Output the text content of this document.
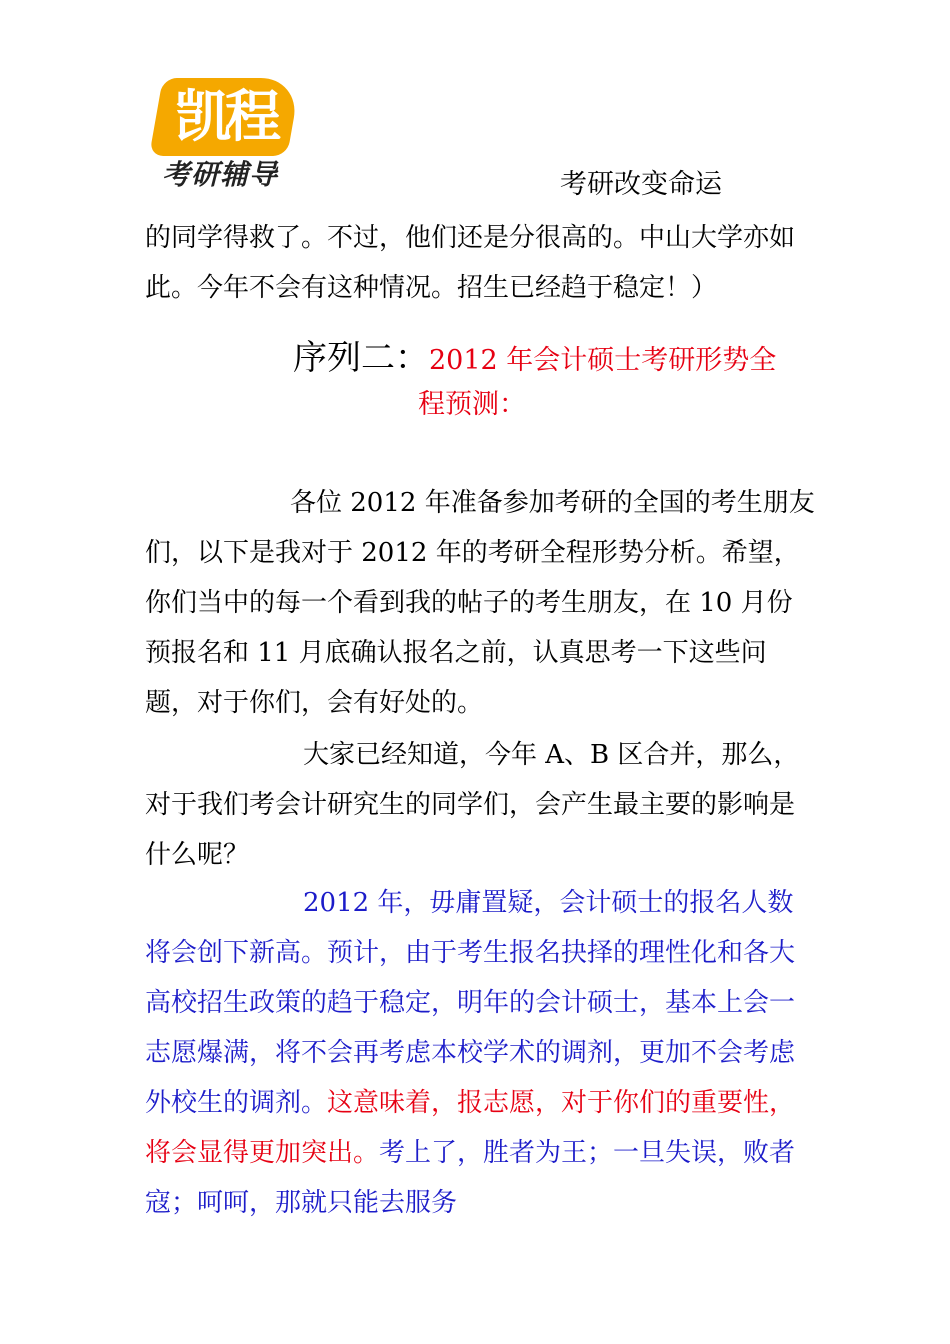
凯程
考研辅导	考研改变命运
的同学得救了。不过，他们还是分很高的。中山大学亦如此。今年不会有这种情况。招生已经趋于稳定！）
序列二：2012 年会计硕士考研形势全
程预测：
各位 2012 年准备参加考研的全国的考生朋友们，以下是我对于 2012 年的考研全程形势分析。希望，你们当中的每一个看到我的帖子的考生朋友，在 10 月份预报名和 11 月底确认报名之前，认真思考一下这些问题，对于你们，会有好处的。
大家已经知道，今年 A、B 区合并，那么，对于我们考会计研究生的同学们，会产生最主要的影响是什么呢？
2012 年，毋庸置疑，会计硕士的报名人数将会创下新高。预计，由于考生报名抉择的理性化和各大高校招生政策的趋于稳定，明年的会计硕士，基本上会一志愿爆满，将不会再考虑本校学术的调剂，更加不会考虑外校生的调剂。这意味着，报志愿，对于你们的重要性，将会显得更加突出。考上了，胜者为王；一旦失误，败者寇；呵呵，那就只能去服务
